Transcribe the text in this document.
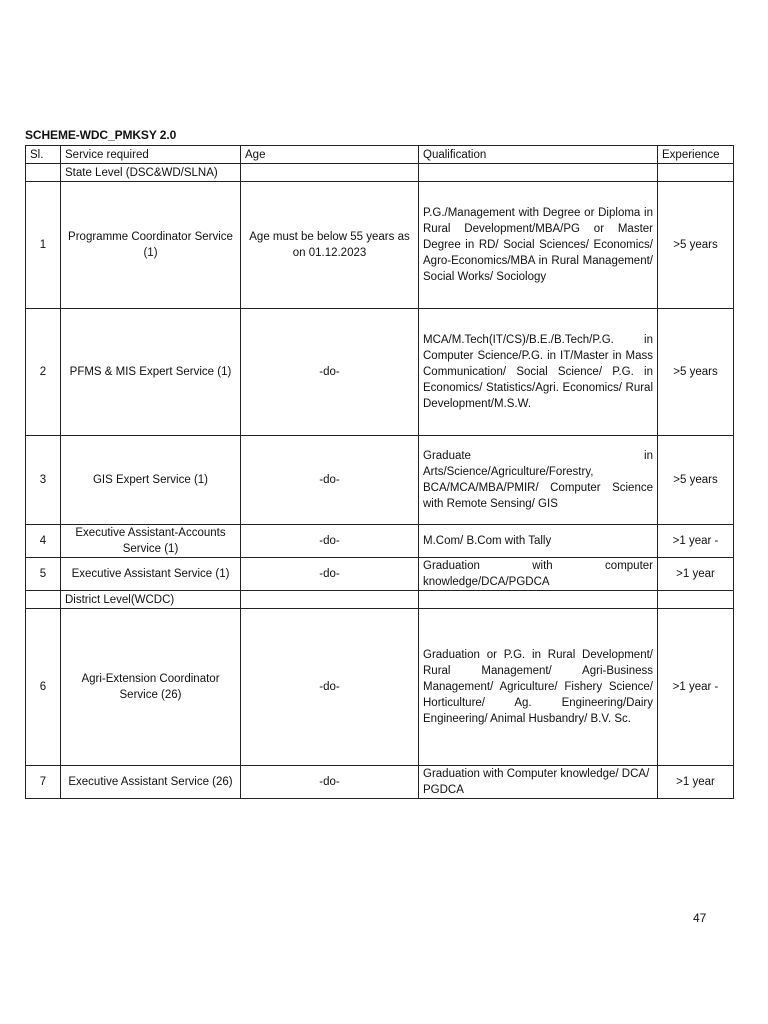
SCHEME-WDC_PMKSY 2.0
Sl.	Service required	Age	Qualification	Experience
	State Level (DSC&WD/SLNA)			
1	Programme Coordinator Service (1)	Age must be below 55 years as on 01.12.2023	P.G./Management with Degree or Diploma in Rural Development/MBA/PG or Master Degree in RD/ Social Sciences/ Economics/ Agro-Economics/MBA in Rural Management/ Social Works/ Sociology	>5 years
2	PFMS & MIS Expert Service (1)	-do-	MCA/M.Tech(IT/CS)/B.E./B.Tech/P.G. in Computer Science/P.G. in IT/Master in Mass Communication/ Social Science/ P.G. in Economics/ Statistics/Agri. Economics/ Rural Development/M.S.W.	>5 years
3	GIS Expert Service (1)	-do-	Graduate in Arts/Science/Agriculture/Forestry, BCA/MCA/MBA/PMIR/ Computer Science with Remote Sensing/ GIS	>5 years
4	Executive Assistant-Accounts Service (1)	-do-	M.Com/ B.Com with Tally	>1 year -
5	Executive Assistant Service (1)	-do-	Graduation with computer knowledge/DCA/PGDCA	>1 year
	District Level(WCDC)			
6	Agri-Extension Coordinator Service (26)	-do-	Graduation or P.G. in Rural Development/ Rural Management/ Agri-Business Management/ Agriculture/ Fishery Science/ Horticulture/ Ag. Engineering/Dairy Engineering/ Animal Husbandry/ B.V. Sc.	>1 year -
7	Executive Assistant Service (26)	-do-	Graduation with Computer knowledge/ DCA/ PGDCA	>1 year
47
